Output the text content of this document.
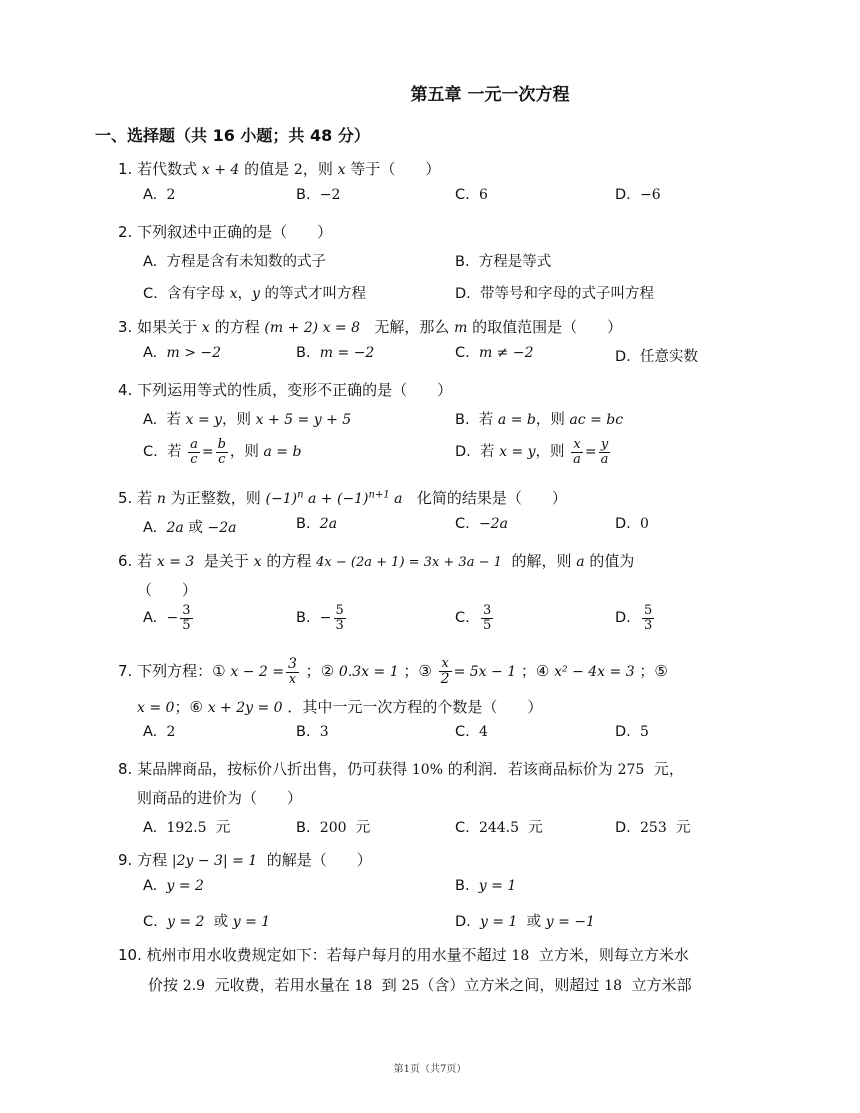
第五章 一元一次方程
一、选择题（共 16 小题；共 48 分）
1. 若代数式 x + 4 的值是 2，则 x 等于（　　）
A. 2	B. −2	C. 6	D. −6
2. 下列叙述中正确的是（　　）
A. 方程是含有未知数的式子	B. 方程是等式
C. 含有字母 x，y 的等式才叫方程	D. 带等号和字母的式子叫方程
3. 如果关于 x 的方程 (m + 2) x = 8 无解，那么 m 的取值范围是（　　）
A. m > −2	B. m = −2	C. m ≠ −2	D. 任意实数
4. 下列运用等式的性质，变形不正确的是（　　）
A. 若 x = y，则 x + 5 = y + 5	B. 若 a = b，则 ac = bc
C. 若 $\frac{a}{c} = \frac{b}{c}$ ，则 a = b	D. 若 x = y，则 $\frac{x}{a} = \frac{y}{a}$
5. 若 n 为正整数，则 $(-1)^n$ $a + (-1)^{n+1}$ a 化简的结果是（　　）
A. 2a 或 −2a	B. 2a	C. −2a	D. 0
6. 若 x = 3 是关于 x 的方程 4x − (2a + 1) = 3x + 3a − 1 的解，则 a 的值为
（　　）
A. − $\frac{3}{5}$	B. − $\frac{5}{3}$	C. $\frac{3}{5}$	D. $\frac{5}{3}$
7. 下列方程：① $x - 2 = \frac{3}{x}$ ；② 0.3x = 1 ；③ $\frac{x}{2} = 5x - 1$ ；④ x² − 4x = 3 ；⑤
x = 0；⑥ x + 2y = 0 ．其中一元一次方程的个数是（　　）
A. 2	B. 3	C. 4	D. 5
8. 某品牌商品，按标价八折出售，仍可获得 10% 的利润．若该商品标价为 275 元，
则商品的进价为（　　）
A. 192.5 元	B. 200 元	C. 244.5 元	D. 253 元
9. 方程 |2y − 3| = 1 的解是（　　）
A. y = 2	B. y = 1
C. y = 2 或 y = 1	D. y = 1 或 y = −1
10. 杭州市用水收费规定如下：若每户每月的用水量不超过 18 立方米，则每立方米水
价按 2.9 元收费，若用水量在 18 到 25（含）立方米之间，则超过 18 立方米部
第1页（共7页）
